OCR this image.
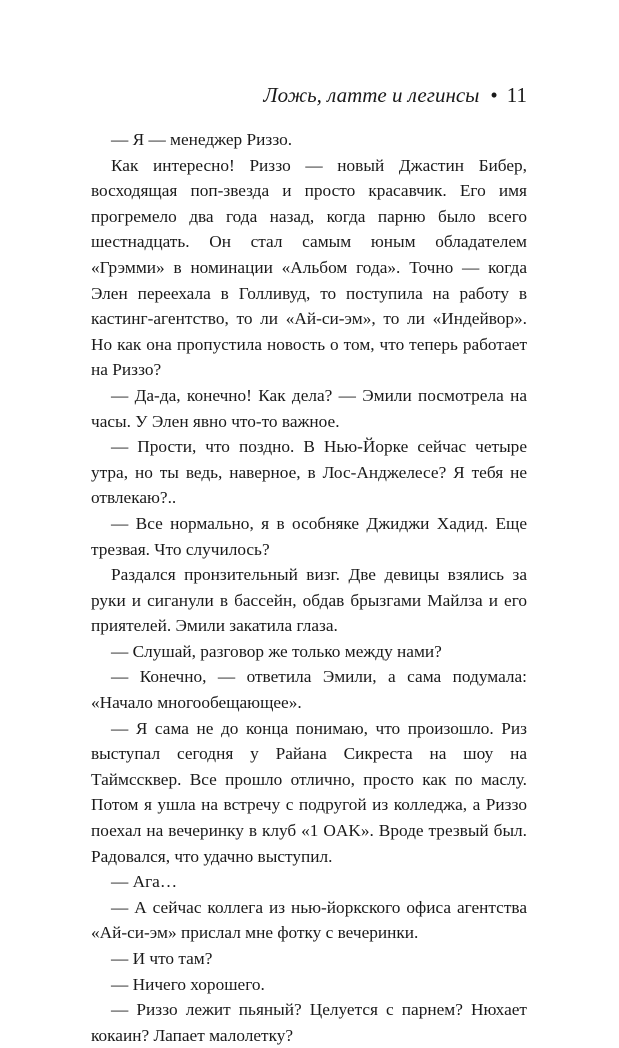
Ложь, латте и легинсы • 11

— Я — менеджер Риззо.

Как интересно! Риззо — новый Джастин Бибер, восходящая поп-звезда и просто красавчик. Его имя прогремело два года назад, когда парню было всего шестнадцать. Он стал самым юным обладателем «Грэмми» в номинации «Альбом года». Точно — когда Элен переехала в Голливуд, то поступила на работу в кастинг-агентство, то ли «Ай-си-эм», то ли «Индейвор». Но как она пропустила новость о том, что теперь работает на Риззо?

— Да-да, конечно! Как дела? — Эмили посмотрела на часы. У Элен явно что-то важное.

— Прости, что поздно. В Нью-Йорке сейчас четыре утра, но ты ведь, наверное, в Лос-Анджелесе? Я тебя не отвлекаю?..

— Все нормально, я в особняке Джиджи Хадид. Еще трезвая. Что случилось?

Раздался пронзительный визг. Две девицы взялись за руки и сиганули в бассейн, обдав брызгами Майлза и его приятелей. Эмили закатила глаза.

— Слушай, разговор же только между нами?

— Конечно, — ответила Эмили, а сама подумала: «Начало многообещающее».

— Я сама не до конца понимаю, что произошло. Риз выступал сегодня у Райана Сикреста на шоу на Таймссквер. Все прошло отлично, просто как по маслу. Потом я ушла на встречу с подругой из колледжа, а Риззо поехал на вечеринку в клуб «1 OAK». Вроде трезвый был. Радовался, что удачно выступил.

— Ага…

— А сейчас коллега из нью-йоркского офиса агентства «Ай-си-эм» прислал мне фотку с вечеринки.

— И что там?

— Ничего хорошего.

— Риззо лежит пьяный? Целуется с парнем? Нюхает кокаин? Лапает малолетку?
